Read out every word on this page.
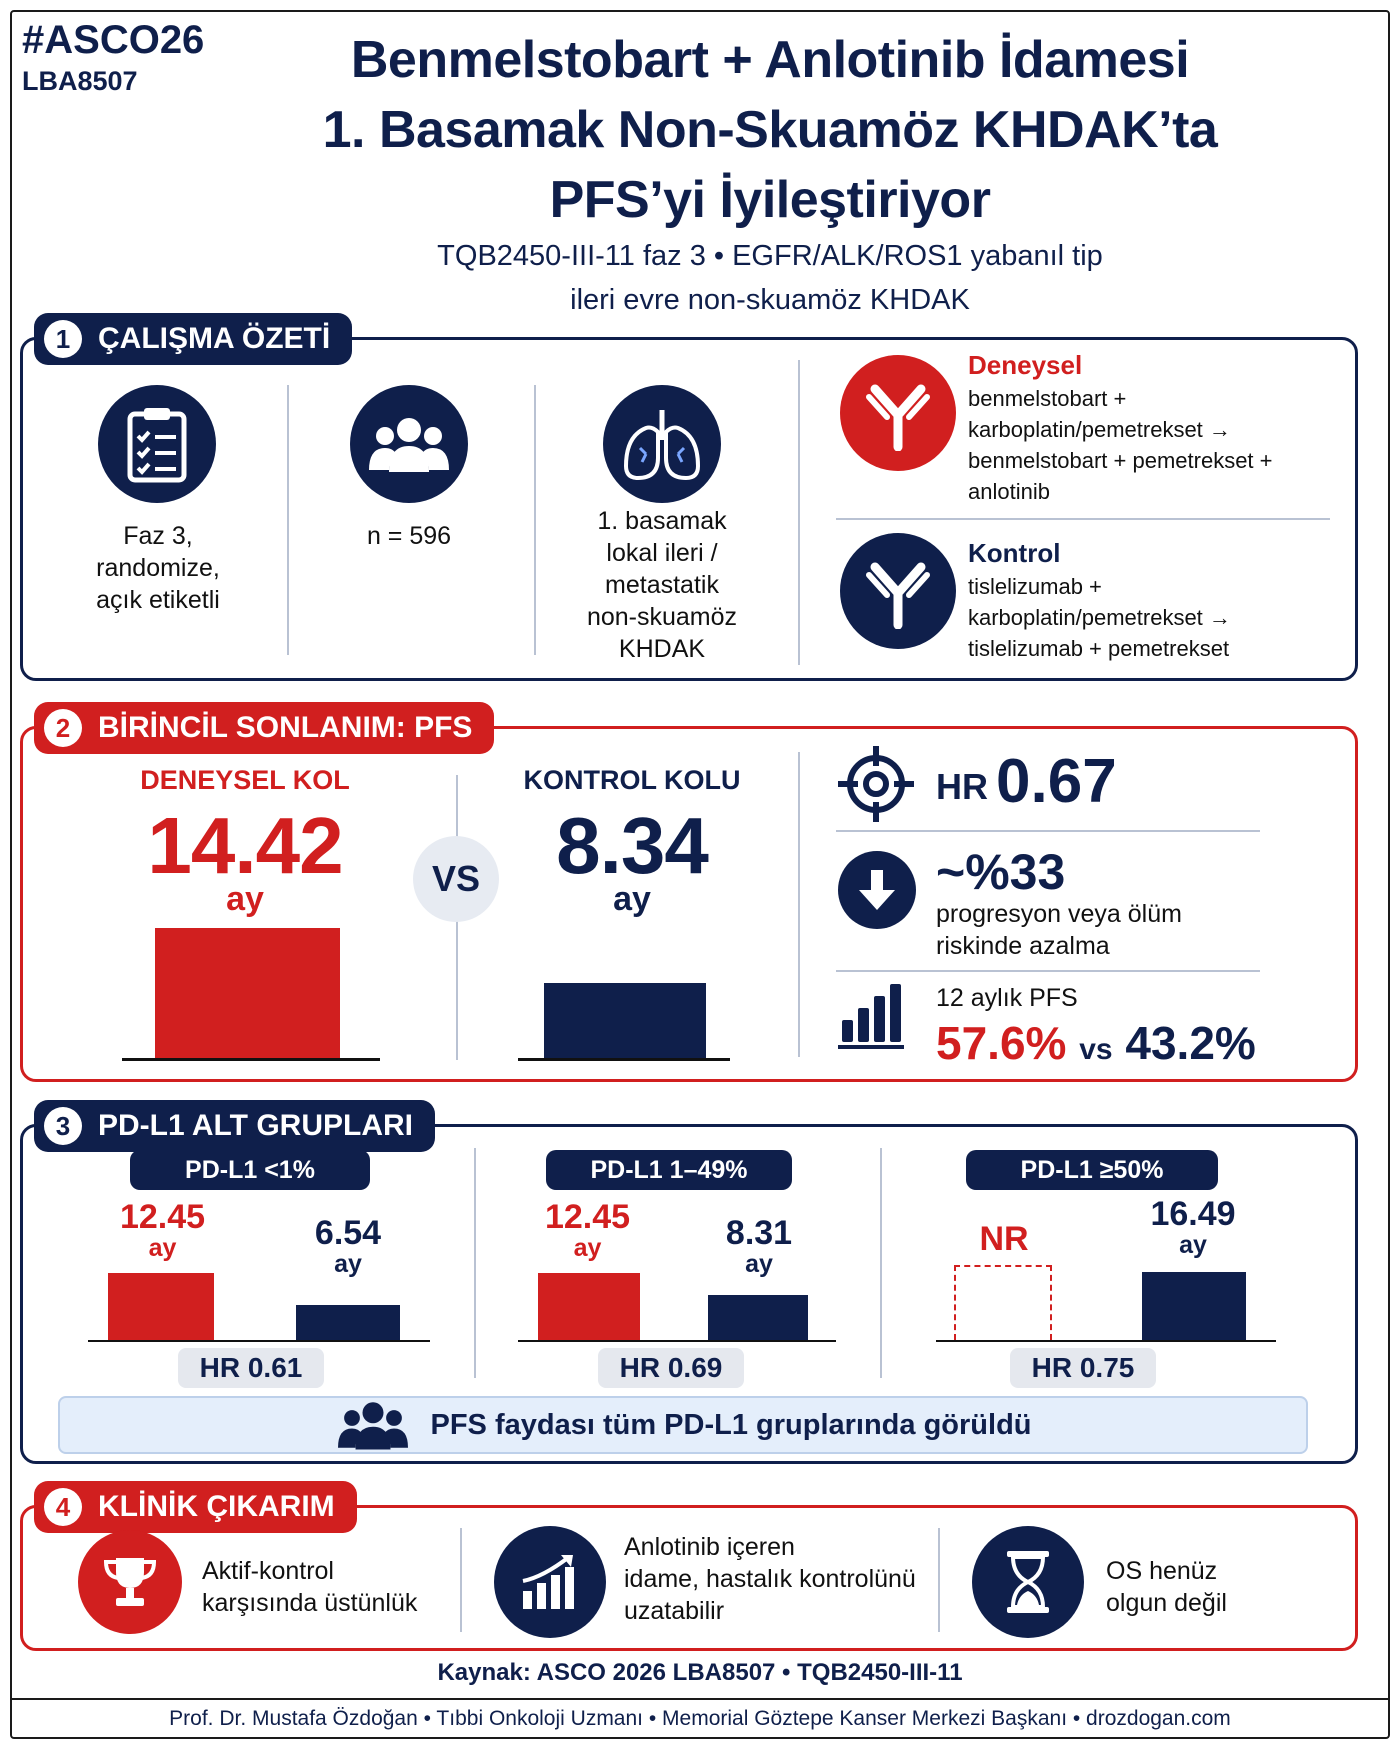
#ASCO26
LBA8507	Benmelstobart + Anlotinib İdamesi
1. Basamak Non-Skuamöz KHDAK’ta
PFS’yi İyileştiriyor
TQB2450-III-11 faz 3 • EGFR/ALK/ROS1 yabanıl tip
ileri evre non-skuamöz KHDAK
1 ÇALIŞMA ÖZETİ
Faz 3,
randomize,
açık etiketli
n = 596
1. basamak
lokal ileri /
metastatik
non-skuamöz
KHDAK
Deneysel
benmelstobart +
karboplatin/pemetrekset →
benmelstobart + pemetrekset +
anlotinib
Kontrol
tislelizumab +
karboplatin/pemetrekset →
tislelizumab + pemetrekset
2 BİRİNCİL SONLANIM: PFS
DENEYSEL KOL
14.42
ay	VS
KONTROL KOLU
8.34
ay
HR 0.67
~%33
progresyon veya ölüm
riskinde azalma
12 aylık PFS
57.6% vs 43.2%
3 PD-L1 ALT GRUPLARI
PD-L1 <1%
12.45
ay	6.54
ay
HR 0.61
PD-L1 1–49%
12.45
ay	8.31
ay
HR 0.69
PD-L1 ≥50%
NR
16.49
ay
HR 0.75
PFS faydası tüm PD-L1 gruplarında görüldü
4 KLİNİK ÇIKARIM
Aktif-kontrol
karşısında üstünlük
Anlotinib içeren
idame, hastalık kontrolünü
uzatabilir
OS henüz
olgun değil
Kaynak: ASCO 2026 LBA8507 • TQB2450-III-11
Prof. Dr. Mustafa Özdoğan • Tıbbi Onkoloji Uzmanı • Memorial Göztepe Kanser Merkezi Başkanı • drozdogan.com
